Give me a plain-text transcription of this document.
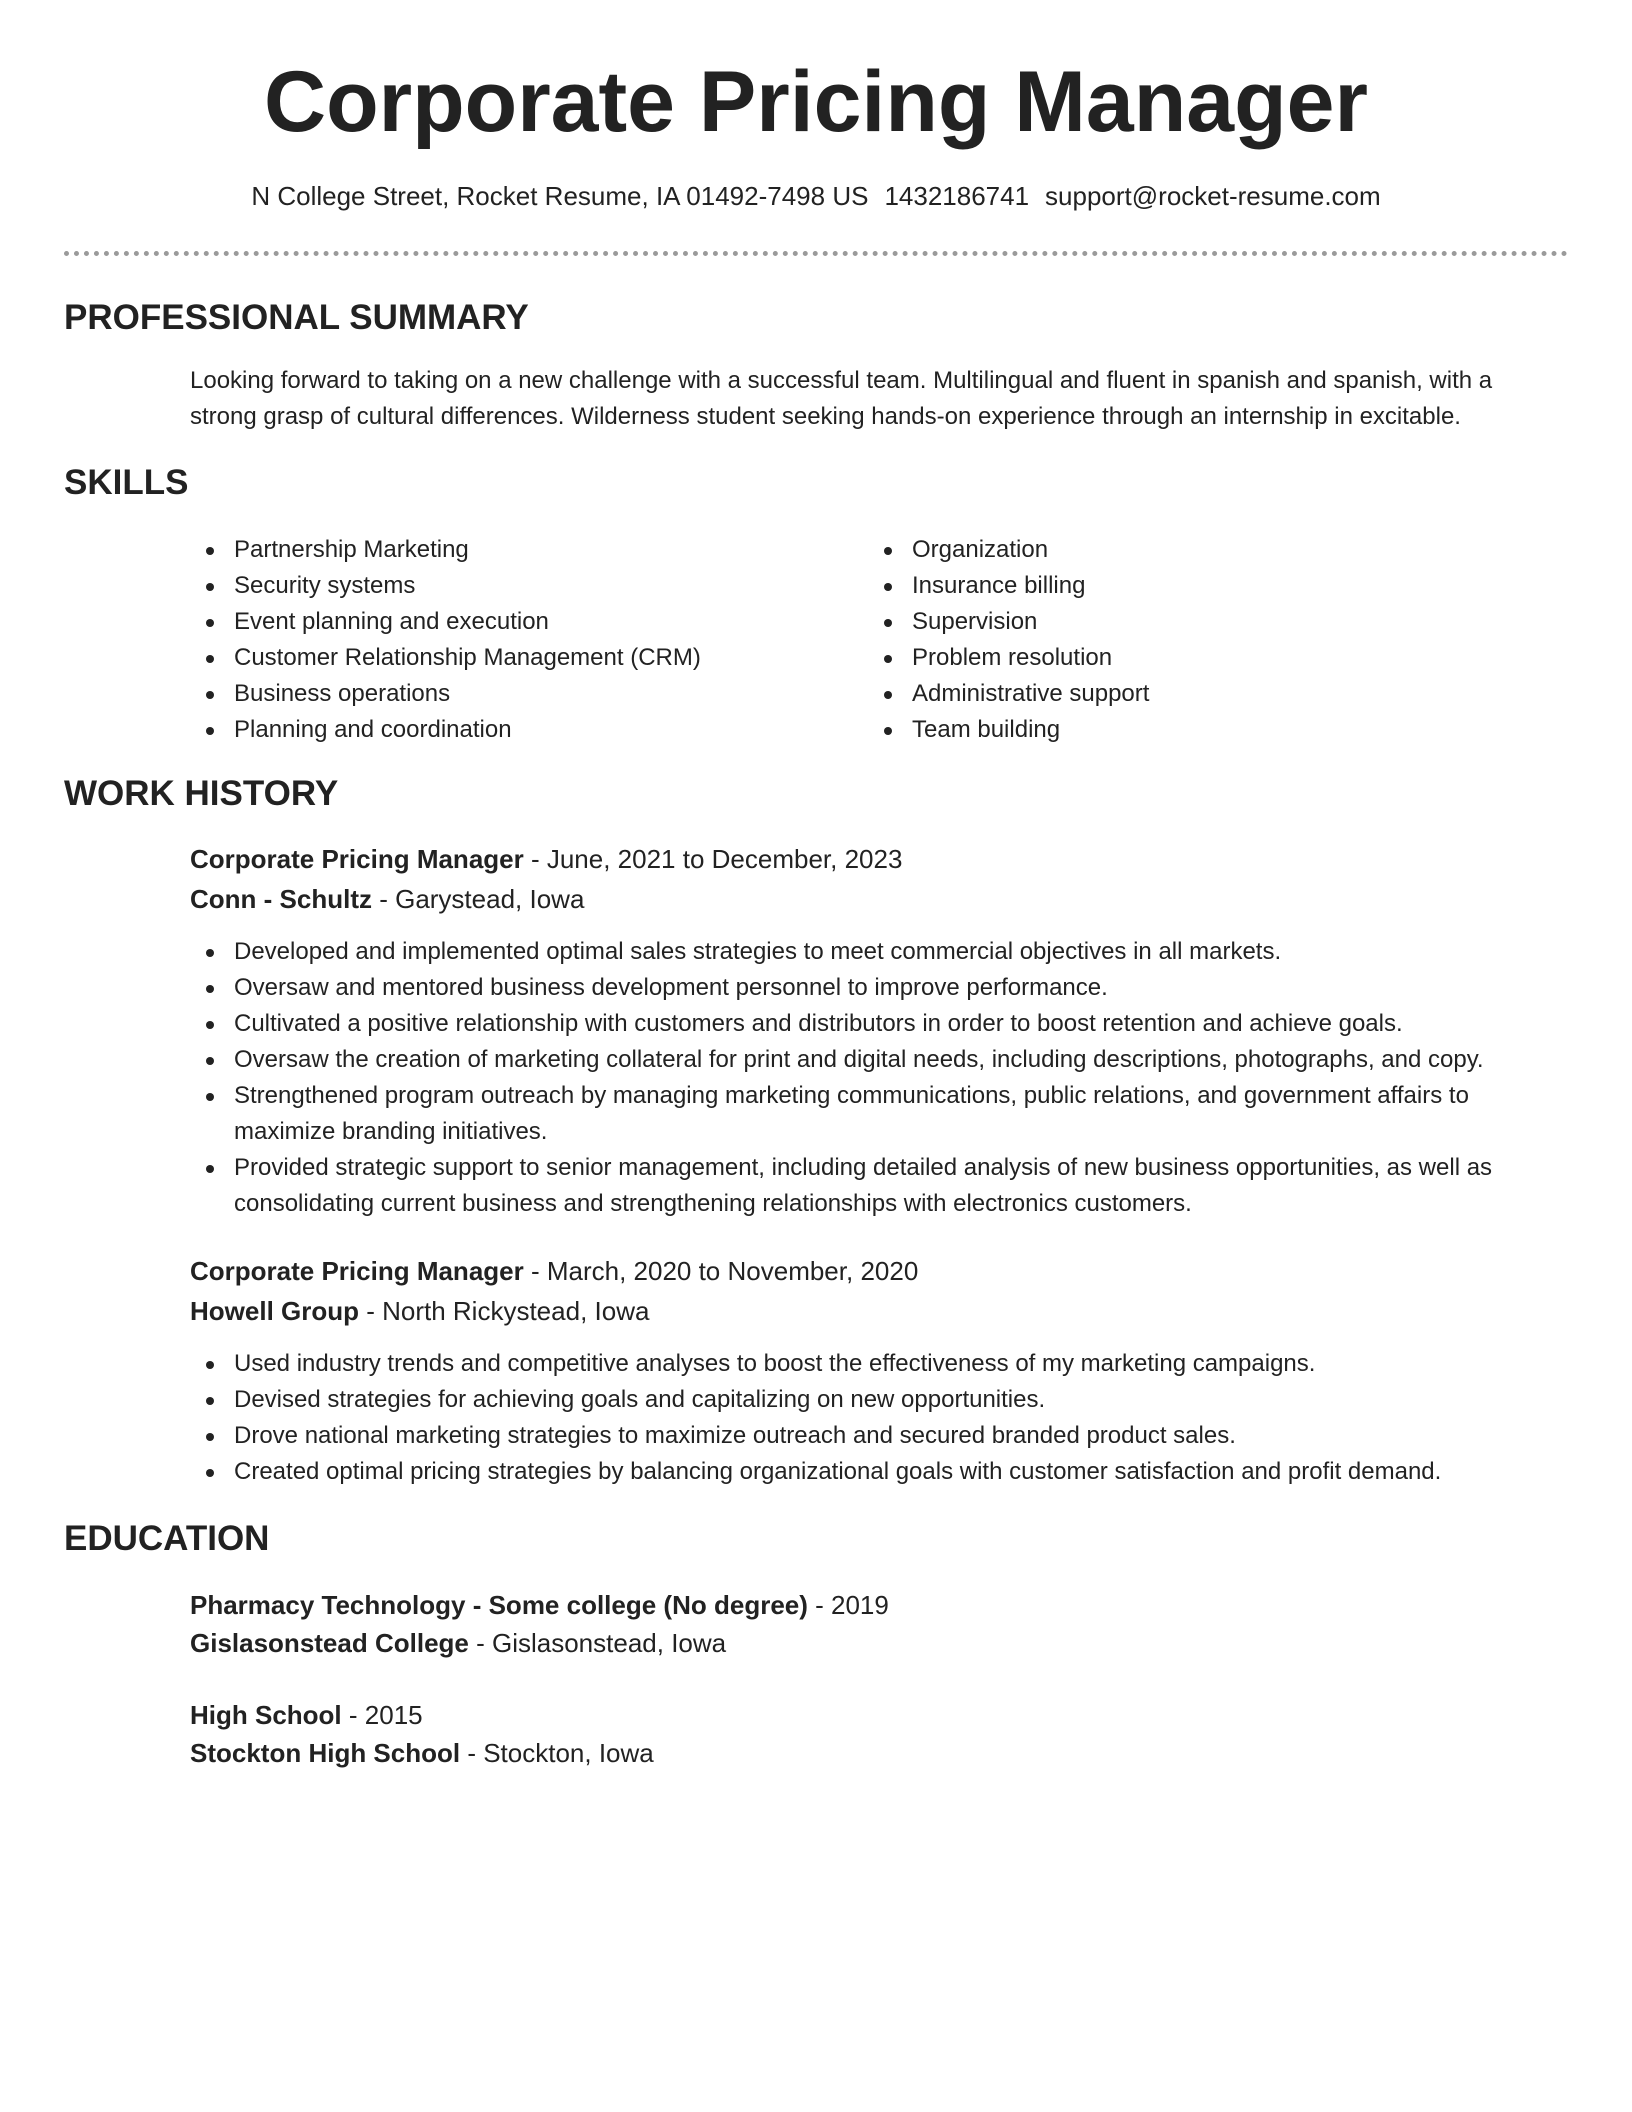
Corporate Pricing Manager
N College Street, Rocket Resume, IA 01492-7498 US 1432186741 support@rocket-resume.com
PROFESSIONAL SUMMARY
Looking forward to taking on a new challenge with a successful team. Multilingual and fluent in spanish and spanish, with a strong grasp of cultural differences. Wilderness student seeking hands-on experience through an internship in excitable.
SKILLS
Partnership Marketing
Security systems
Event planning and execution
Customer Relationship Management (CRM)
Business operations
Planning and coordination
Organization
Insurance billing
Supervision
Problem resolution
Administrative support
Team building
WORK HISTORY
Corporate Pricing Manager - June, 2021 to December, 2023
Conn - Schultz - Garystead, Iowa
Developed and implemented optimal sales strategies to meet commercial objectives in all markets.
Oversaw and mentored business development personnel to improve performance.
Cultivated a positive relationship with customers and distributors in order to boost retention and achieve goals.
Oversaw the creation of marketing collateral for print and digital needs, including descriptions, photographs, and copy.
Strengthened program outreach by managing marketing communications, public relations, and government affairs to maximize branding initiatives.
Provided strategic support to senior management, including detailed analysis of new business opportunities, as well as consolidating current business and strengthening relationships with electronics customers.
Corporate Pricing Manager - March, 2020 to November, 2020
Howell Group - North Rickystead, Iowa
Used industry trends and competitive analyses to boost the effectiveness of my marketing campaigns.
Devised strategies for achieving goals and capitalizing on new opportunities.
Drove national marketing strategies to maximize outreach and secured branded product sales.
Created optimal pricing strategies by balancing organizational goals with customer satisfaction and profit demand.
EDUCATION
Pharmacy Technology - Some college (No degree) - 2019
Gislasonstead College - Gislasonstead, Iowa
High School - 2015
Stockton High School - Stockton, Iowa
